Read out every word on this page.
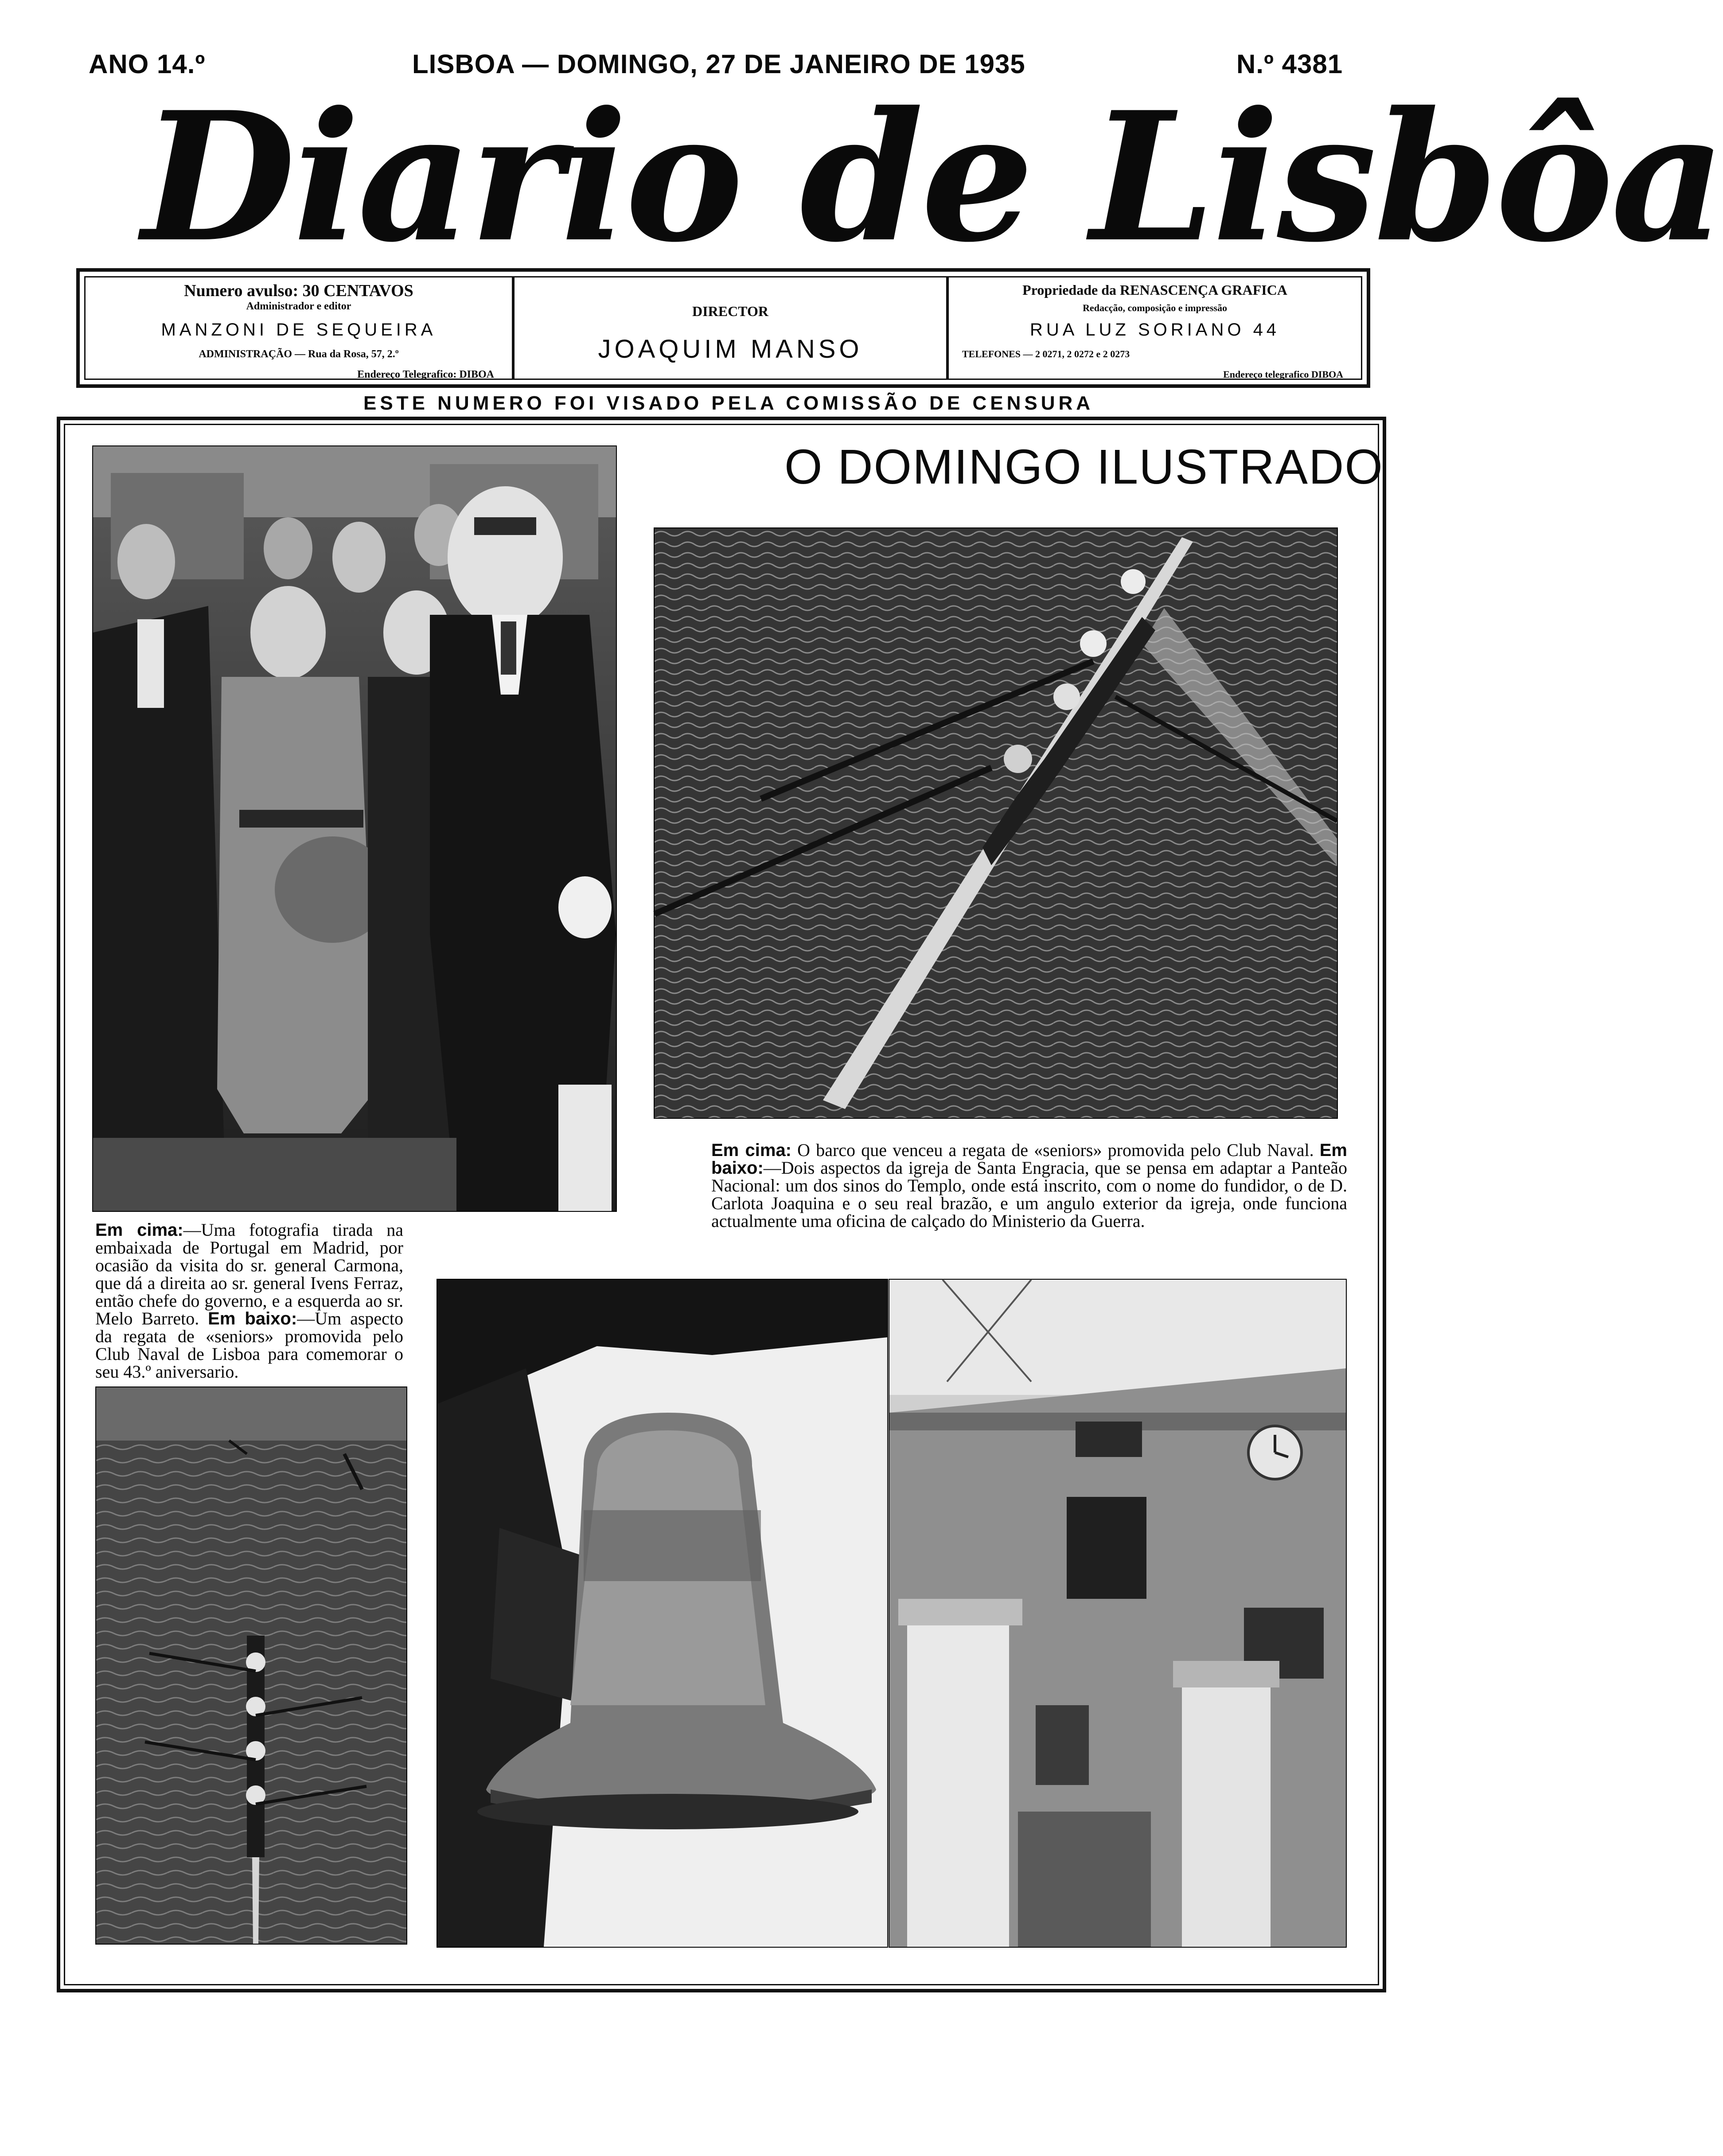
ANO 14.º	LISBOA — DOMINGO, 27 DE JANEIRO DE 1935	N.º 4381
Diario de Lisbôa
Numero avulso: 30 CENTAVOS
Administrador e editor
MANZONI DE SEQUEIRA
ADMINISTRAÇÃO — Rua da Rosa, 57, 2.º
Endereço Telegrafico: DIBOA
DIRECTOR
JOAQUIM MANSO
Propriedade da RENASCENÇA GRAFICA
Redacção, composição e impressão
RUA LUZ SORIANO 44
TELEFONES — 2 0271, 2 0272 e 2 0273
Endereço telegrafico DIBOA
ESTE NUMERO FOI VISADO PELA COMISSÃO DE CENSURA
O DOMINGO ILUSTRADO
Em cima: O barco que venceu a regata de «seniors» promovida pelo Club Naval. Em baixo:—Dois aspectos da igreja de Santa Engracia, que se pensa em adaptar a Panteão Nacional: um dos sinos do Templo, onde está inscrito, com o nome do fundidor, o de D. Carlota Joaquina e o seu real brazão, e um angulo exterior da igreja, onde funciona actualmente uma oficina de calçado do Ministerio da Guerra.
Em cima:—Uma fotografia tirada na embaixada de Portugal em Madrid, por ocasião da visita do sr. general Carmona, que dá a direita ao sr. general Ivens Ferraz, então chefe do governo, e a esquerda ao sr. Melo Barreto. Em baixo:—Um aspecto da regata de «seniors» promovida pelo Club Naval de Lisboa para comemorar o seu 43.º aniversario.
